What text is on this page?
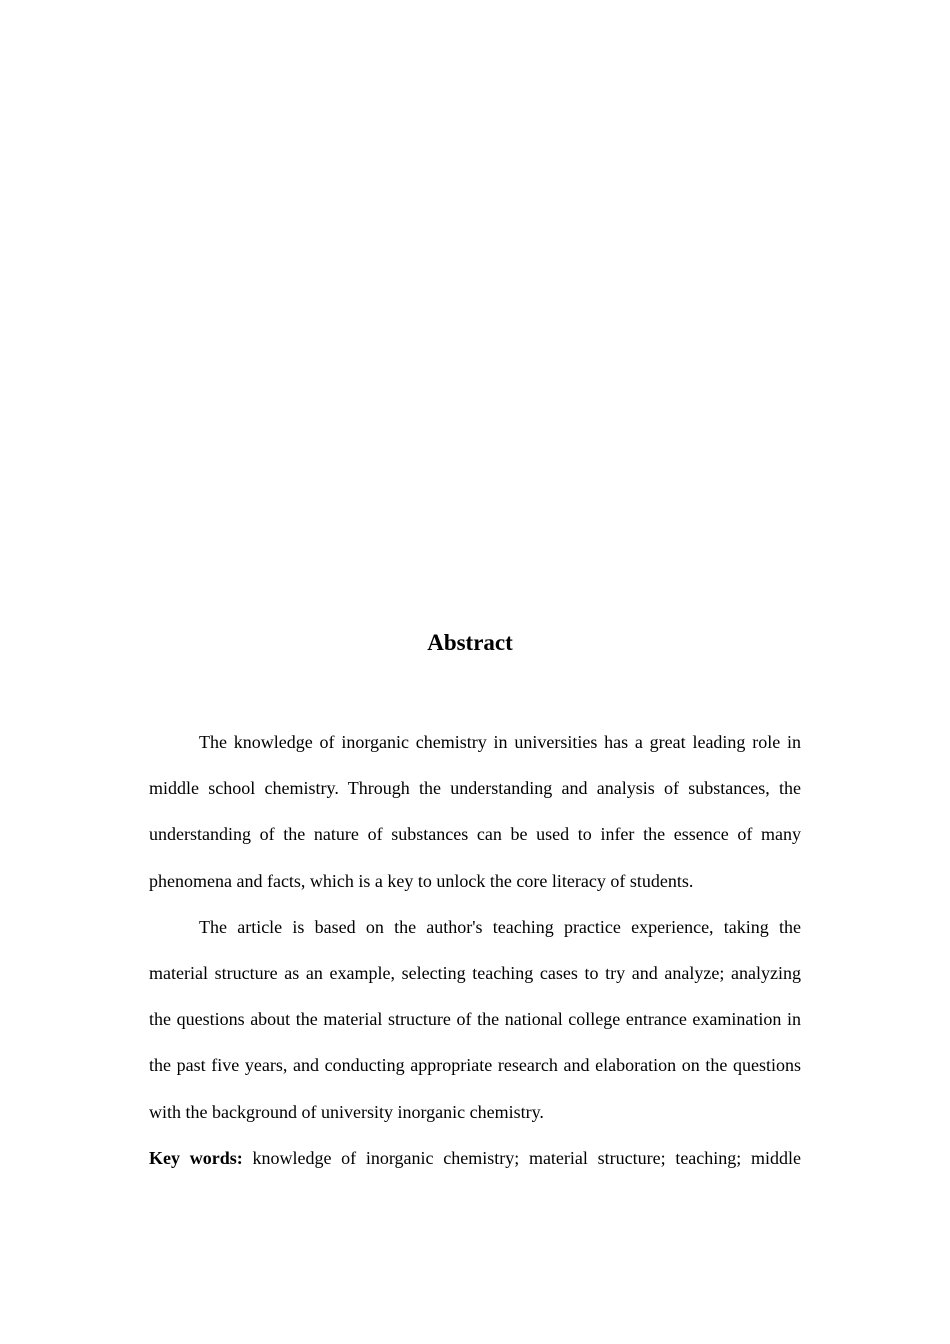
Abstract

The knowledge of inorganic chemistry in universities has a great leading role in middle school chemistry. Through the understanding and analysis of substances, the understanding of the nature of substances can be used to infer the essence of many phenomena and facts, which is a key to unlock the core literacy of students.

The article is based on the author's teaching practice experience, taking the material structure as an example, selecting teaching cases to try and analyze; analyzing the questions about the material structure of the national college entrance examination in the past five years, and conducting appropriate research and elaboration on the questions with the background of university inorganic chemistry.

Key words: knowledge of inorganic chemistry; material structure; teaching; middle
